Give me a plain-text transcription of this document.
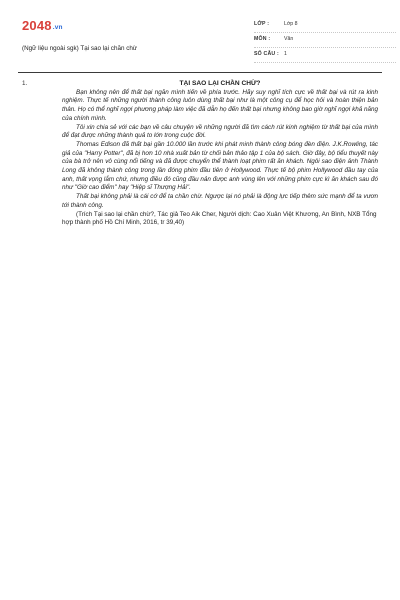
2048.vn
(Ngữ liệu ngoài sgk) Tại sao lại chăn chừ
LỚP :	Lớp 8
MÔN :	Văn
SỐ CÂU : 1
1.	TẠI SAO LẠI CHẦN CHỪ?

Bạn không nên để thất bại ngăn mình tiến về phía trước. Hãy suy nghĩ tích cực về thất bại và rút ra kinh nghiệm. Thực tế những người thành công luôn dùng thất bại như là một công cụ để học hỏi và hoàn thiện bản thân. Họ có thể nghĩ ngợi phương pháp làm việc đã dẫn họ đến thất bại nhưng không bao giờ nghĩ ngợi khả năng của chính mình.

Tôi xin chia sẻ với các bạn về câu chuyện về những người đã tìm cách rút kinh nghiệm từ thất bại của mình để đạt được những thành quả to lớn trong cuộc đời.

Thomas Edison đã thất bại gần 10.000 lần trước khi phát minh thành công bóng đèn điện. J.K.Rowling, tác giả của "Harry Potter", đã bị hơn 10 nhà xuất bản từ chối bản thảo tập 1 của bộ sách. Giờ đây, bộ tiểu thuyết này của bà trở nên vô cùng nổi tiếng và đã được chuyển thể thành loạt phim rất ăn khách. Ngôi sao điện ảnh Thành Long đã không thành công trong lần đóng phim đầu tiên ở Hollywood. Thực tế bộ phim Hollywood đầu tay của anh, thất vọng lắm chứ, nhưng điều đó cũng đầu nản được anh vùng lên với những phim cực kì ăn khách sau đó như "Giờ cao điểm" hay "Hiệp sĩ Thượng Hải".

Thất bại không phải là cái cớ để ta chần chừ. Ngược lại nó phải là động lực tiếp thêm sức mạnh để ta vươn tới thành công.

(Trích Tại sao lại chần chừ?, Tác giả Teo Aik Cher, Người dịch: Cao Xuân Việt Khương, An Bình, NXB Tổng hợp thành phố Hồ Chí Minh, 2016, tr 39,40)
